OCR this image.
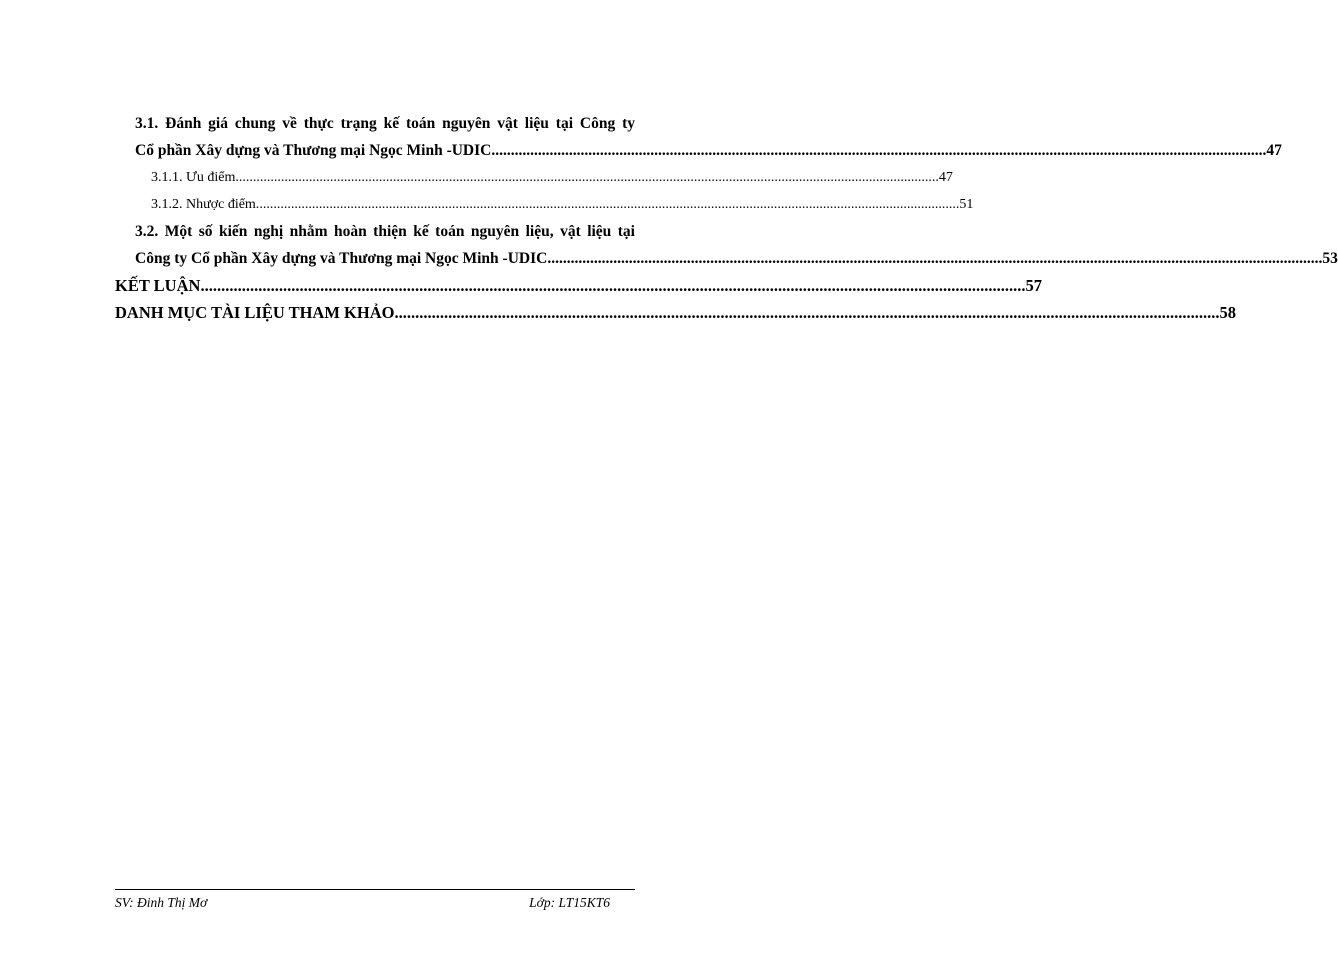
3.1. Đánh giá chung về thực trạng kế toán nguyên vật liệu tại Công ty
Cổ phần Xây dựng và Thương mại Ngọc Minh -UDIC ........................................................................................................................................................................................................ 47
3.1.1. Ưu điểm. ........................................................................................................................................................................................................ 47
3.1.2. Nhược điểm. ........................................................................................................................................................................................................ 51
3.2. Một số kiến nghị nhằm hoàn thiện kế toán nguyên liệu, vật liệu tại
Công ty Cổ phần Xây dựng và Thương mại Ngọc Minh -UDIC ........................................................................................................................................................................................................ 53
KẾT LUẬN ........................................................................................................................................................................................................ 57
DANH MỤC TÀI LIỆU THAM KHẢO ........................................................................................................................................................................................................ 58
SV: Đinh Thị Mơ	Lớp: LT15KT6
